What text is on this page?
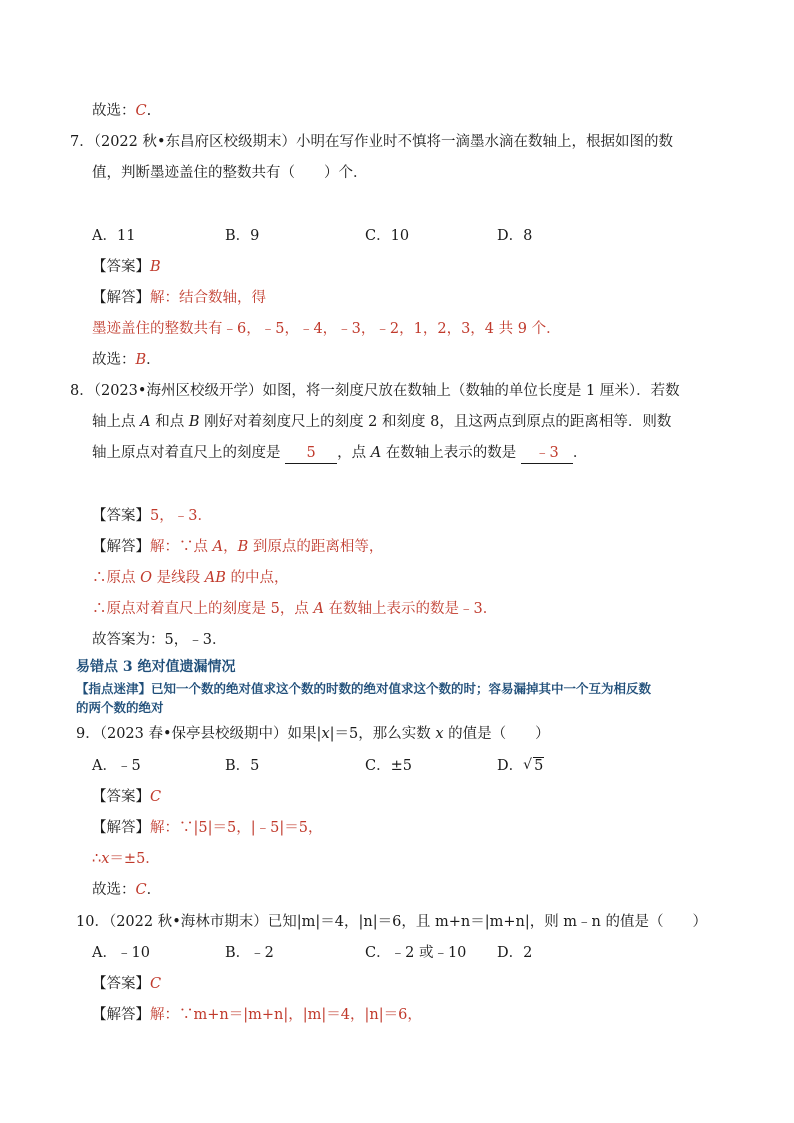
故选：C.
7．（2022 秋•东昌府区校级期末）小明在写作业时不慎将一滴墨水滴在数轴上，根据如图的数
值，判断墨迹盖住的整数共有（　　）个．
A．11	B．9	C．10	D．8
【答案】B
【解答】解：结合数轴，得
墨迹盖住的整数共有﹣6，﹣5，﹣4，﹣3，﹣2，1，2，3，4 共 9 个．
故选：B．
8．（2023•海州区校级开学）如图，将一刻度尺放在数轴上（数轴的单位长度是 1 厘米）．若数
轴上点 A 和点 B 刚好对着刻度尺上的刻度 2 和刻度 8，且这两点到原点的距离相等．则数
轴上原点对着直尺上的刻度是 5 ，点 A 在数轴上表示的数是 ﹣3 ．
【答案】5，﹣3．
【解答】解：∵点 A，B 到原点的距离相等，
∴原点 O 是线段 AB 的中点，
∴原点对着直尺上的刻度是 5，点 A 在数轴上表示的数是﹣3．
故答案为：5，﹣3．
易错点 3 绝对值遗漏情况
【指点迷津】已知一个数的绝对值求这个数的时数的绝对值求这个数的时；容易漏掉其中一个互为相反数
的两个数的绝对
9．（2023 春•保亭县校级期中）如果|x|＝5，那么实数 x 的值是（　　）
A．﹣5	B．5	C．±5	D． √ 5
【答案】C
【解答】解：∵|5|＝5，|﹣5|＝5，
∴x＝±5．
故选：C．
10．（2022 秋•海林市期末）已知|m|＝4，|n|＝6，且 m+n＝|m+n|，则 m﹣n 的值是（　　）
A．﹣10	B．﹣2	C．﹣2 或﹣10 D．2
【答案】C
【解答】解：∵m+n＝|m+n|，|m|＝4，|n|＝6，
